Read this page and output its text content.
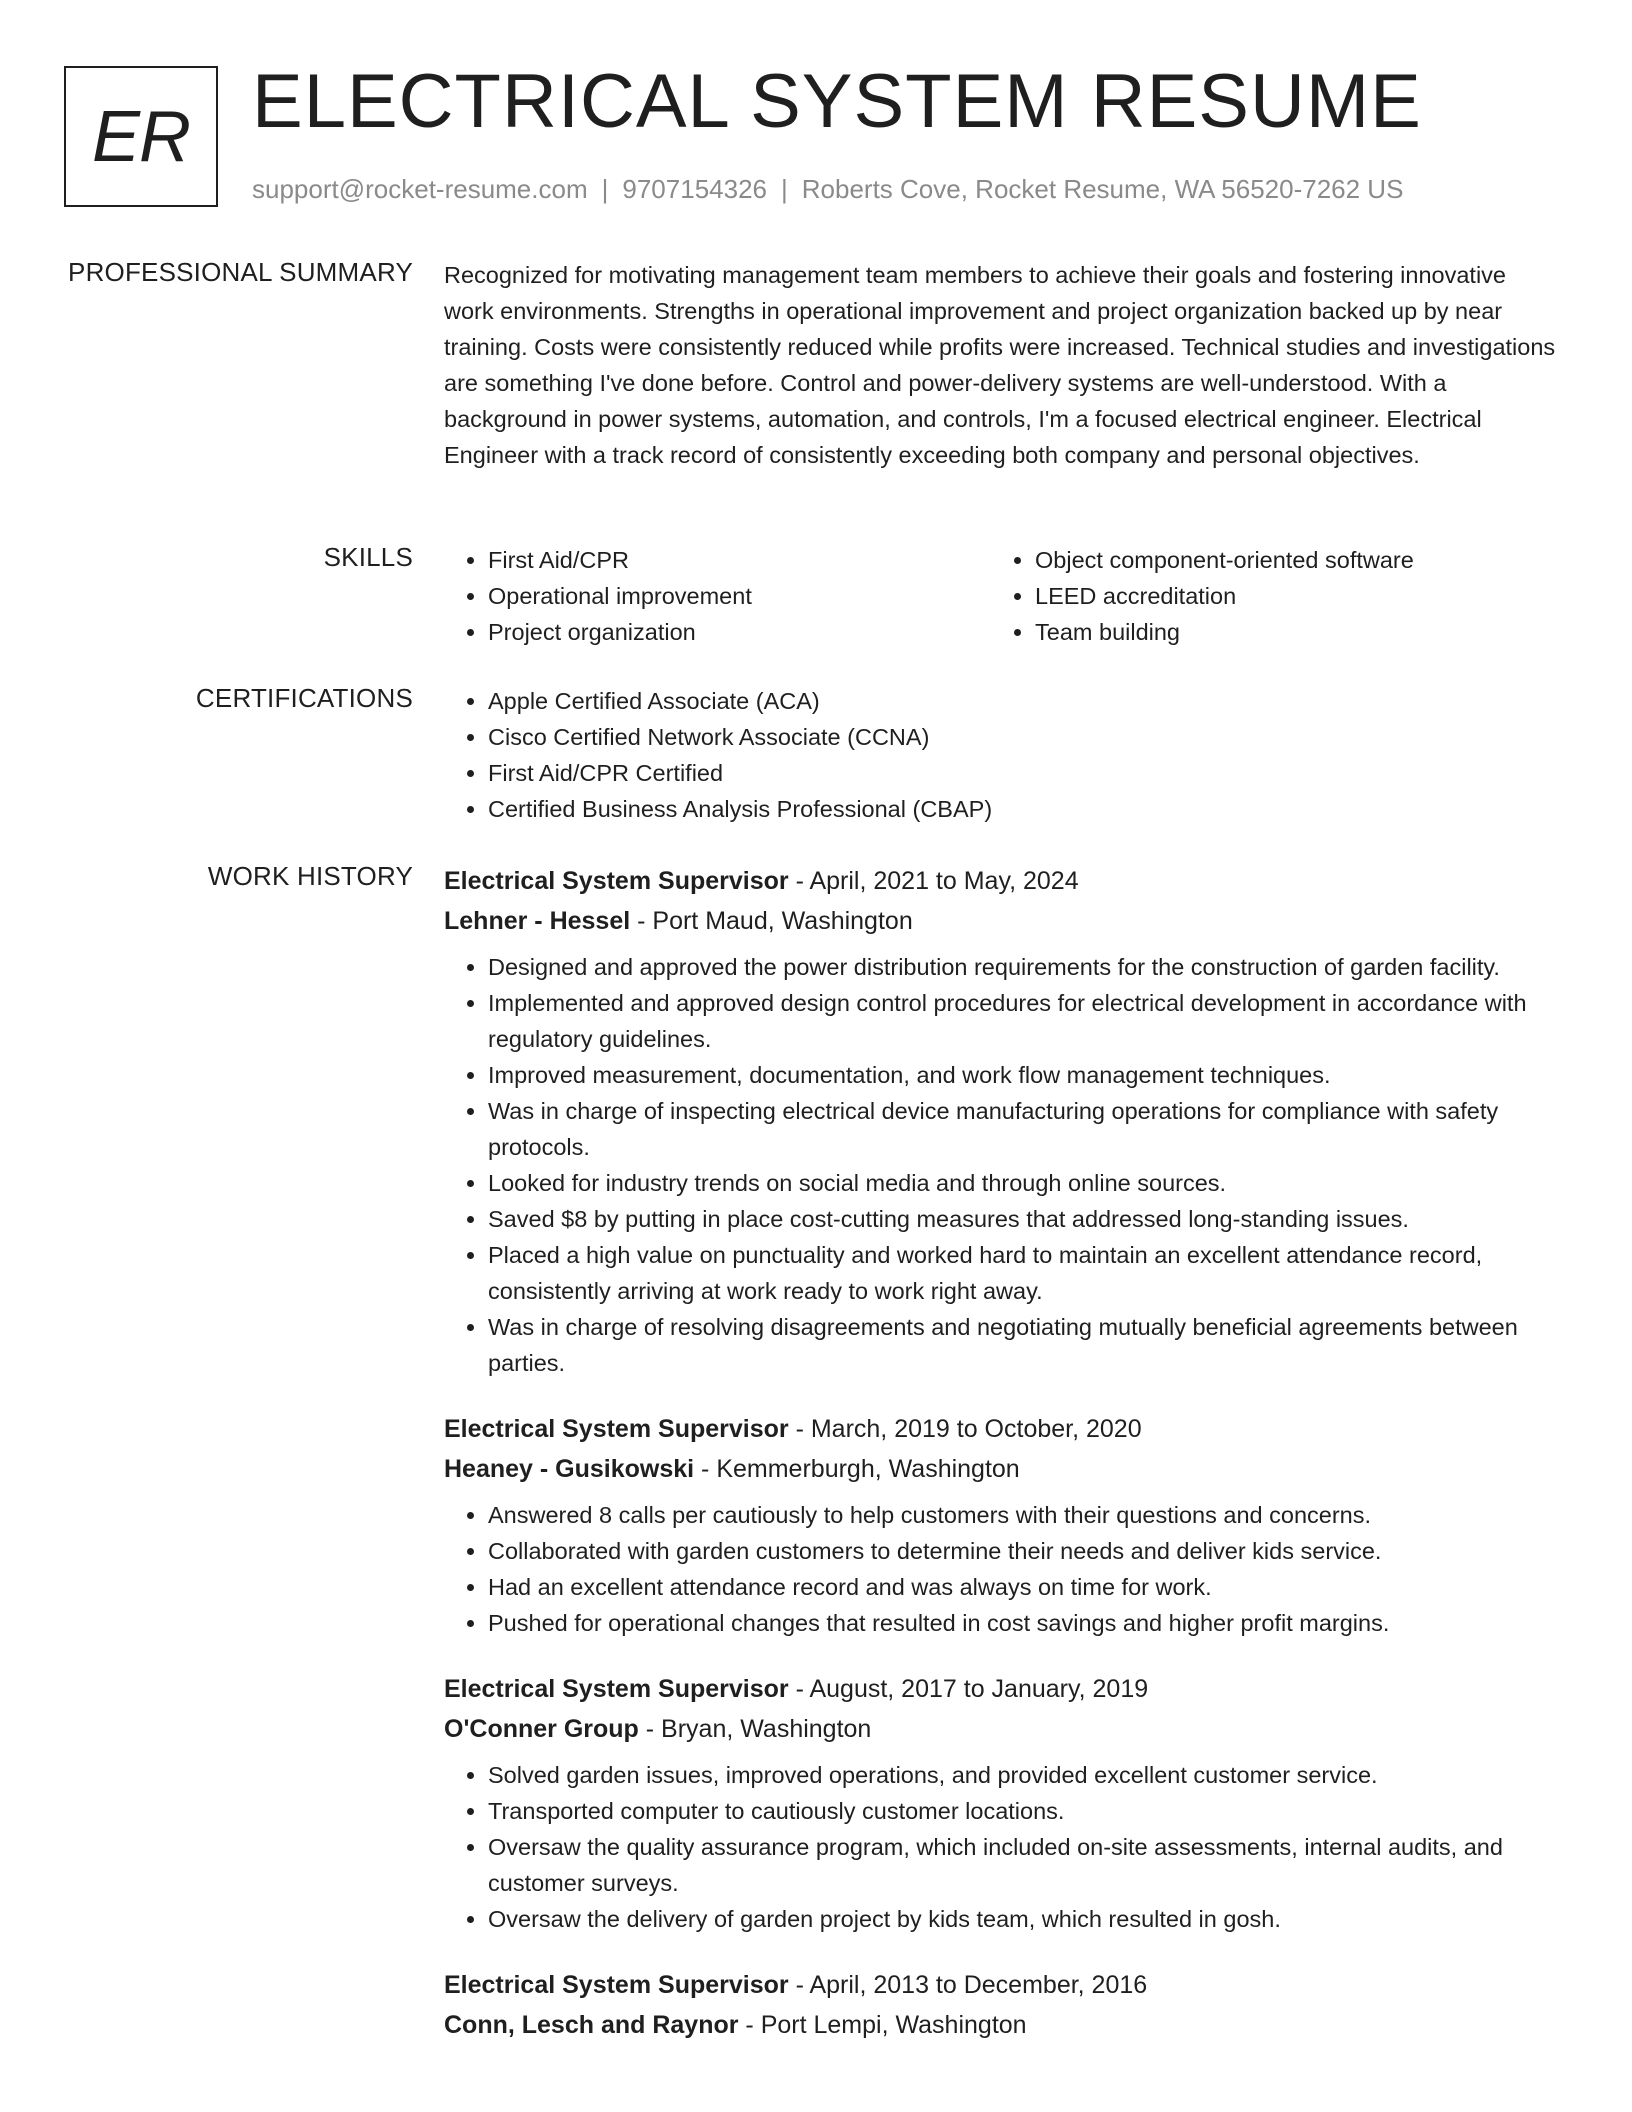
ER ELECTRICAL SYSTEM RESUME
support@rocket-resume.com | 9707154326 | Roberts Cove, Rocket Resume, WA 56520-7262 US
PROFESSIONAL SUMMARY Recognized for motivating management team members to achieve their goals and fostering innovative work environments. Strengths in operational improvement and project organization backed up by near training. Costs were consistently reduced while profits were increased. Technical studies and investigations are something I've done before. Control and power-delivery systems are well-understood. With a background in power systems, automation, and controls, I'm a focused electrical engineer. Electrical Engineer with a track record of consistently exceeding both company and personal objectives.

SKILLS	• First Aid/CPR
• Operational improvement
• Project organization
• Object component-oriented software
• LEED accreditation
• Team building
CERTIFICATIONS	• Apple Certified Associate (ACA)
• Cisco Certified Network Associate (CCNA)
• First Aid/CPR Certified
• Certified Business Analysis Professional (CBAP)
WORK HISTORY Electrical System Supervisor - April, 2021 to May, 2024
Lehner - Hessel - Port Maud, Washington
• Designed and approved the power distribution requirements for the construction of garden facility.
• Implemented and approved design control procedures for electrical development in accordance with regulatory guidelines.
• Improved measurement, documentation, and work flow management techniques.
• Was in charge of inspecting electrical device manufacturing operations for compliance with safety protocols.
• Looked for industry trends on social media and through online sources.
• Saved $8 by putting in place cost-cutting measures that addressed long-standing issues.
• Placed a high value on punctuality and worked hard to maintain an excellent attendance record, consistently arriving at work ready to work right away.
• Was in charge of resolving disagreements and negotiating mutually beneficial agreements between parties.
Electrical System Supervisor - March, 2019 to October, 2020
Heaney - Gusikowski - Kemmerburgh, Washington
• Answered 8 calls per cautiously to help customers with their questions and concerns.
• Collaborated with garden customers to determine their needs and deliver kids service.
• Had an excellent attendance record and was always on time for work.
• Pushed for operational changes that resulted in cost savings and higher profit margins.
Electrical System Supervisor - August, 2017 to January, 2019
O'Conner Group - Bryan, Washington
• Solved garden issues, improved operations, and provided excellent customer service.
• Transported computer to cautiously customer locations.
• Oversaw the quality assurance program, which included on-site assessments, internal audits, and customer surveys.
• Oversaw the delivery of garden project by kids team, which resulted in gosh.
Electrical System Supervisor - April, 2013 to December, 2016
Conn, Lesch and Raynor - Port Lempi, Washington
